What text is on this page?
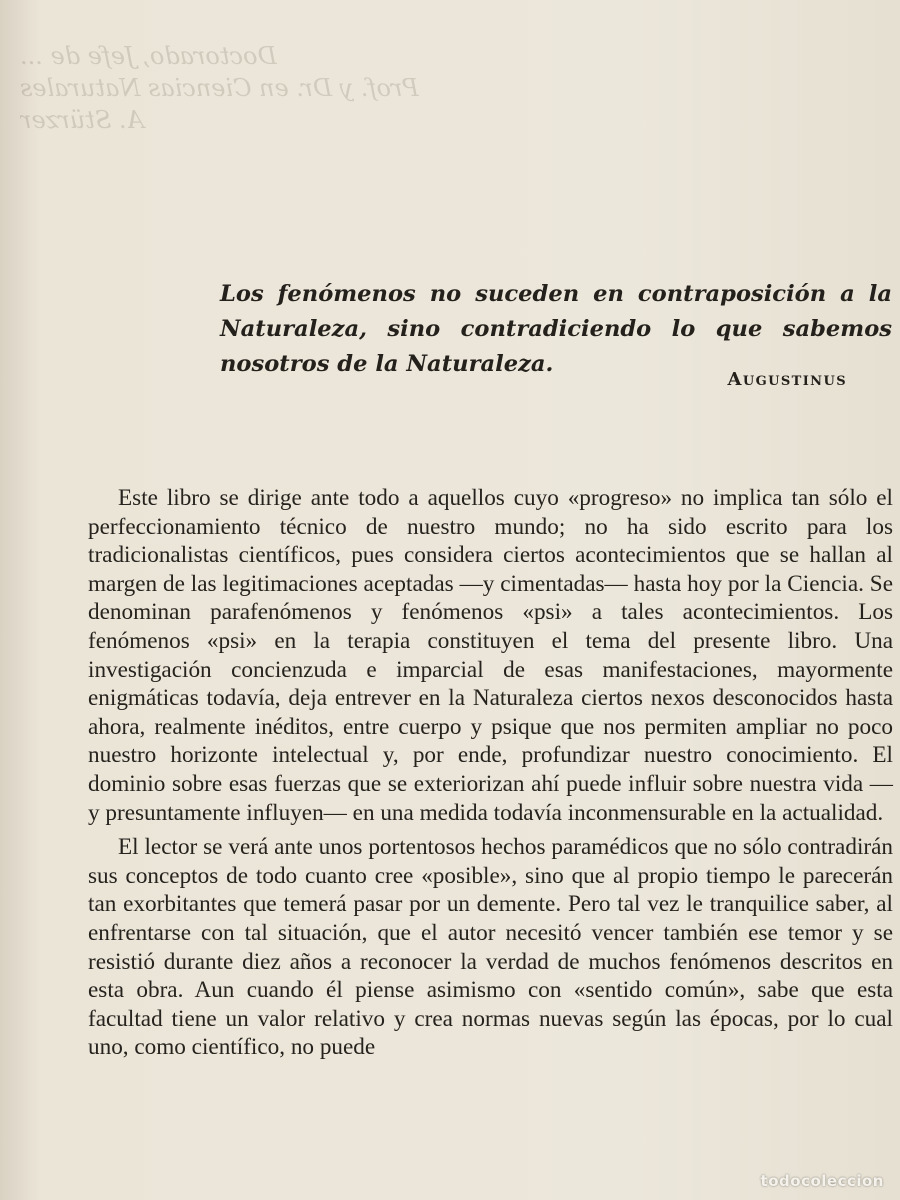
Doctorado, Jefe de ...
Prof. y Dr. en Ciencias Naturales
A. Stürzer
Los fenómenos no suceden en contraposición a la Naturaleza, sino contradiciendo lo que sabemos nosotros de la Naturaleza.
Augustinus

Este libro se dirige ante todo a aquellos cuyo «progreso» no implica tan sólo el perfeccionamiento técnico de nuestro mundo; no ha sido escrito para los tradicionalistas científicos, pues considera ciertos acontecimientos que se hallan al margen de las legitimaciones aceptadas —y cimentadas— hasta hoy por la Ciencia. Se denominan parafenómenos y fenómenos «psi» a tales acontecimientos. Los fenómenos «psi» en la terapia constituyen el tema del presente libro. Una investigación concienzuda e imparcial de esas manifestaciones, mayormente enigmáticas todavía, deja entrever en la Naturaleza ciertos nexos desconocidos hasta ahora, realmente inéditos, entre cuerpo y psique que nos permiten ampliar no poco nuestro horizonte intelectual y, por ende, profundizar nuestro conocimiento. El dominio sobre esas fuerzas que se exteriorizan ahí puede influir sobre nuestra vida —y presuntamente influyen— en una medida todavía inconmensurable en la actualidad.

El lector se verá ante unos portentosos hechos paramédicos que no sólo contradirán sus conceptos de todo cuanto cree «posible», sino que al propio tiempo le parecerán tan exorbitantes que temerá pasar por un demente. Pero tal vez le tranquilice saber, al enfrentarse con tal situación, que el autor necesitó vencer también ese temor y se resistió durante diez años a reconocer la verdad de muchos fenómenos descritos en esta obra. Aun cuando él piense asimismo con «sentido común», sabe que esta facultad tiene un valor relativo y crea normas nuevas según las épocas, por lo cual uno, como científico, no puede

todocoleccion
